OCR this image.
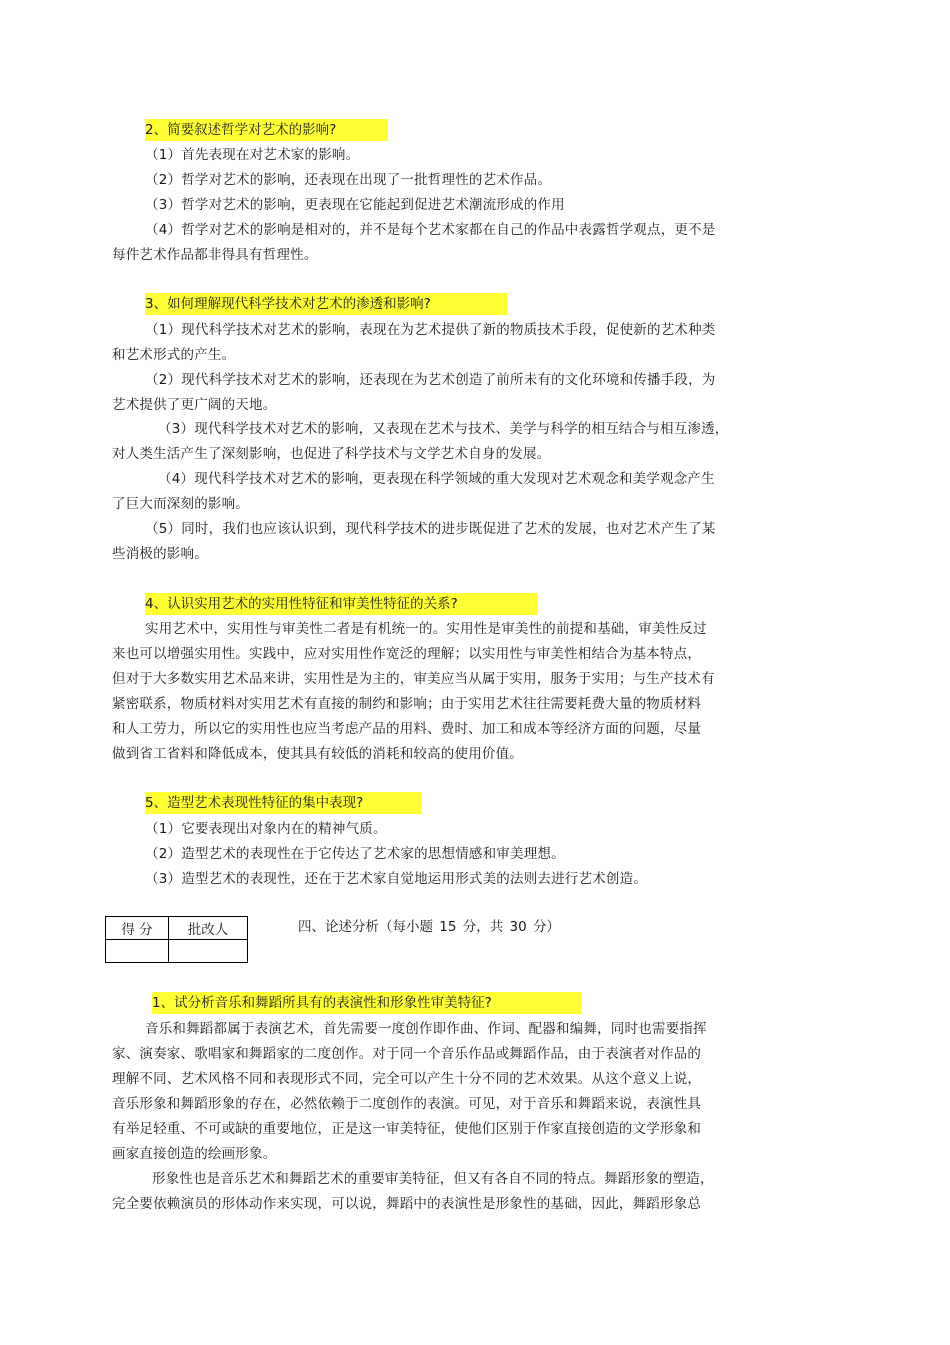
2、简要叙述哲学对艺术的影响?
（1）首先表现在对艺术家的影响。
（2）哲学对艺术的影响，还表现在出现了一批哲理性的艺术作品。
（3）哲学对艺术的影响，更表现在它能起到促进艺术潮流形成的作用
（4）哲学对艺术的影响是相对的，并不是每个艺术家都在自己的作品中表露哲学观点，更不是
每件艺术作品都非得具有哲理性。
3、如何理解现代科学技术对艺术的渗透和影响?
（1）现代科学技术对艺术的影响，表现在为艺术提供了新的物质技术手段，促使新的艺术种类
和艺术形式的产生。
（2）现代科学技术对艺术的影响，还表现在为艺术创造了前所未有的文化环境和传播手段，为
艺术提供了更广阔的天地。
（3）现代科学技术对艺术的影响，又表现在艺术与技术、美学与科学的相互结合与相互渗透，
对人类生活产生了深刻影响，也促进了科学技术与文学艺术自身的发展。
（4）现代科学技术对艺术的影响，更表现在科学领域的重大发现对艺术观念和美学观念产生
了巨大而深刻的影响。
（5）同时，我们也应该认识到，现代科学技术的进步既促进了艺术的发展，也对艺术产生了某
些消极的影响。
4、认识实用艺术的实用性特征和审美性特征的关系?
实用艺术中，实用性与审美性二者是有机统一的。实用性是审美性的前提和基础，审美性反过
来也可以增强实用性。实践中，应对实用性作宽泛的理解；以实用性与审美性相结合为基本特点，
但对于大多数实用艺术品来讲，实用性是为主的，审美应当从属于实用，服务于实用；与生产技术有
紧密联系，物质材料对实用艺术有直接的制约和影响；由于实用艺术往往需要耗费大量的物质材料
和人工劳力，所以它的实用性也应当考虑产品的用料、费时、加工和成本等经济方面的问题，尽量
做到省工省料和降低成本，使其具有较低的消耗和较高的使用价值。
5、造型艺术表现性特征的集中表现?
（1）它要表现出对象内在的精神气质。
（2）造型艺术的表现性在于它传达了艺术家的思想情感和审美理想。
（3）造型艺术的表现性，还在于艺术家自觉地运用形式美的法则去进行艺术创造。
得 分	批改人
		四、论述分析（每小题 15 分，共 30 分）
1、试分析音乐和舞蹈所具有的表演性和形象性审美特征?
音乐和舞蹈都属于表演艺术，首先需要一度创作即作曲、作词、配器和编舞，同时也需要指挥
家、演奏家、歌唱家和舞蹈家的二度创作。对于同一个音乐作品或舞蹈作品，由于表演者对作品的
理解不同、艺术风格不同和表现形式不同，完全可以产生十分不同的艺术效果。从这个意义上说，
音乐形象和舞蹈形象的存在，必然依赖于二度创作的表演。可见，对于音乐和舞蹈来说，表演性具
有举足轻重、不可或缺的重要地位，正是这一审美特征，使他们区别于作家直接创造的文学形象和
画家直接创造的绘画形象。
形象性也是音乐艺术和舞蹈艺术的重要审美特征，但又有各自不同的特点。舞蹈形象的塑造，
完全要依赖演员的形体动作来实现，可以说，舞蹈中的表演性是形象性的基础，因此，舞蹈形象总
